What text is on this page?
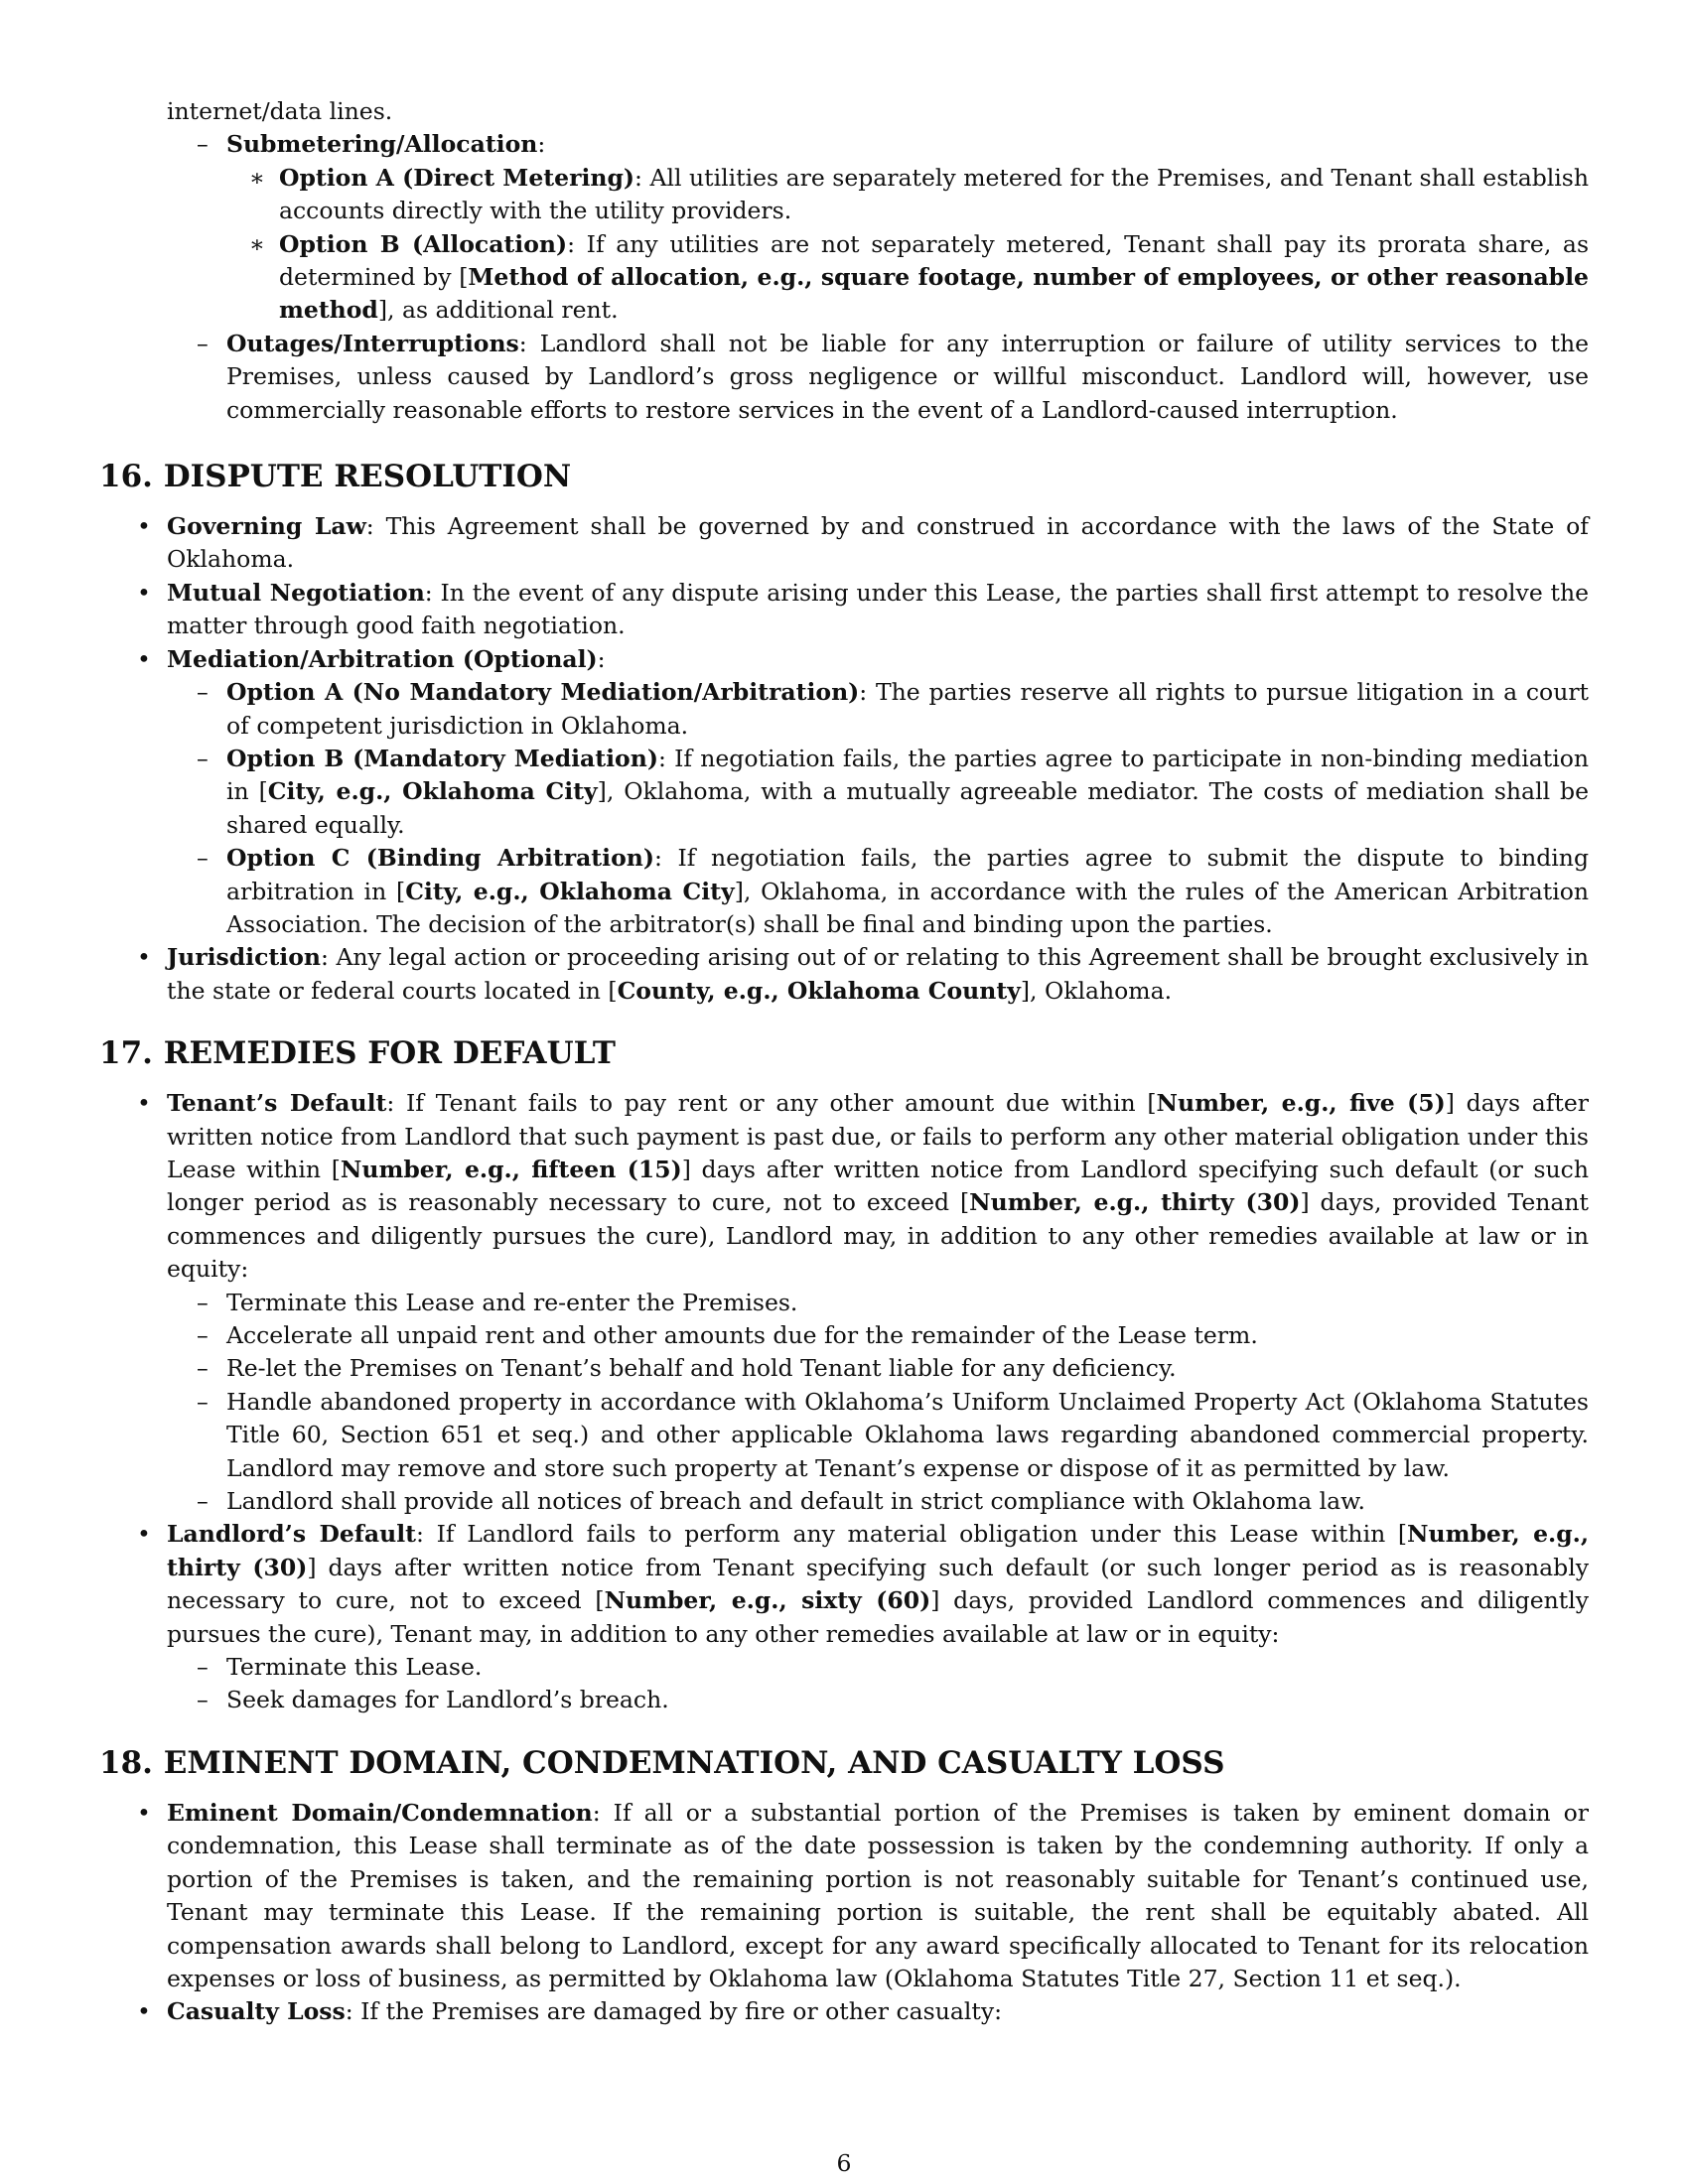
internet/data lines.

– Submetering/Allocation:
∗ Option A (Direct Metering): All utilities are separately metered for the Premises, and Tenant shall establish accounts directly with the utility providers.
∗ Option B (Allocation): If any utilities are not separately metered, Tenant shall pay its prorata share, as determined by [Method of allocation, e.g., square footage, number of employees, or other reasonable method], as additional rent.
– Outages/Interruptions: Landlord shall not be liable for any interruption or failure of utility services to the Premises, unless caused by Landlord’s gross negligence or willful misconduct. Landlord will, however, use commercially reasonable efforts to restore services in the event of a Landlord-caused interruption.
16. DISPUTE RESOLUTION
• Governing Law: This Agreement shall be governed by and construed in accordance with the laws of the State of Oklahoma.
• Mutual Negotiation: In the event of any dispute arising under this Lease, the parties shall first attempt to resolve the matter through good faith negotiation.
• Mediation/Arbitration (Optional):
– Option A (No Mandatory Mediation/Arbitration): The parties reserve all rights to pursue litigation in a court of competent jurisdiction in Oklahoma.
– Option B (Mandatory Mediation): If negotiation fails, the parties agree to participate in non-binding mediation in [City, e.g., Oklahoma City], Oklahoma, with a mutually agreeable mediator. The costs of mediation shall be shared equally.
– Option C (Binding Arbitration): If negotiation fails, the parties agree to submit the dispute to binding arbitration in [City, e.g., Oklahoma City], Oklahoma, in accordance with the rules of the American Arbitration Association. The decision of the arbitrator(s) shall be final and binding upon the parties.
• Jurisdiction: Any legal action or proceeding arising out of or relating to this Agreement shall be brought exclusively in the state or federal courts located in [County, e.g., Oklahoma County], Oklahoma.
17. REMEDIES FOR DEFAULT
• Tenant’s Default: If Tenant fails to pay rent or any other amount due within [Number, e.g., five (5)] days after written notice from Landlord that such payment is past due, or fails to perform any other material obligation under this Lease within [Number, e.g., fifteen (15)] days after written notice from Landlord specifying such default (or such longer period as is reasonably necessary to cure, not to exceed [Number, e.g., thirty (30)] days, provided Tenant commences and diligently pursues the cure), Landlord may, in addition to any other remedies available at law or in equity:
– Terminate this Lease and re-enter the Premises.
– Accelerate all unpaid rent and other amounts due for the remainder of the Lease term.
– Re-let the Premises on Tenant’s behalf and hold Tenant liable for any deficiency.
– Handle abandoned property in accordance with Oklahoma’s Uniform Unclaimed Property Act (Oklahoma Statutes Title 60, Section 651 et seq.) and other applicable Oklahoma laws regarding abandoned commercial property. Landlord may remove and store such property at Tenant’s expense or dispose of it as permitted by law.
– Landlord shall provide all notices of breach and default in strict compliance with Oklahoma law.
• Landlord’s Default: If Landlord fails to perform any material obligation under this Lease within [Number, e.g., thirty (30)] days after written notice from Tenant specifying such default (or such longer period as is reasonably necessary to cure, not to exceed [Number, e.g., sixty (60)] days, provided Landlord commences and diligently pursues the cure), Tenant may, in addition to any other remedies available at law or in equity:
– Terminate this Lease.
– Seek damages for Landlord’s breach.
18. EMINENT DOMAIN, CONDEMNATION, AND CASUALTY LOSS
• Eminent Domain/Condemnation: If all or a substantial portion of the Premises is taken by eminent domain or condemnation, this Lease shall terminate as of the date possession is taken by the condemning authority. If only a portion of the Premises is taken, and the remaining portion is not reasonably suitable for Tenant’s continued use, Tenant may terminate this Lease. If the remaining portion is suitable, the rent shall be equitably abated. All compensation awards shall belong to Landlord, except for any award specifically allocated to Tenant for its relocation expenses or loss of business, as permitted by Oklahoma law (Oklahoma Statutes Title 27, Section 11 et seq.).
• Casualty Loss: If the Premises are damaged by fire or other casualty:
6
